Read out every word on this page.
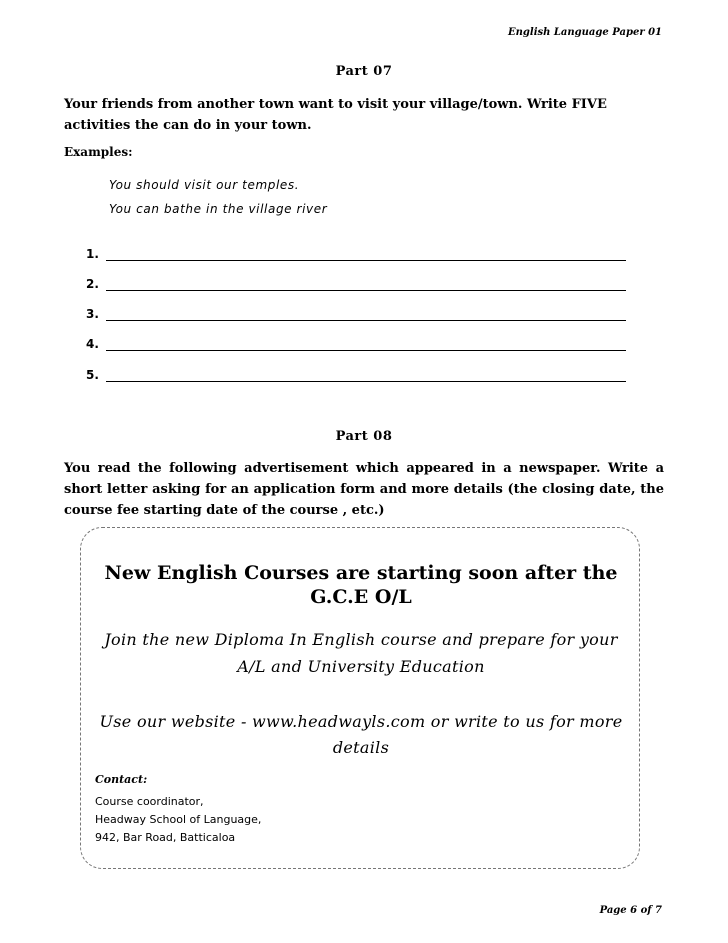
English Language Paper 01
Part 07
Your friends from another town want to visit your village/town. Write FIVE activities the can do in your town.
Examples:
You should visit our temples.
You can bathe in the village river
1.
2.
3.
4.
5.
Part 08
You read the following advertisement which appeared in a newspaper. Write a short letter asking for an application form and more details (the closing date, the course fee starting date of the course , etc.)
New English Courses are starting soon after the
G.C.E O/L
Join the new Diploma In English course and prepare for your
A/L and University Education
Use our website - www.headwayls.com or write to us for more
details
Contact:
Course coordinator,
Headway School of Language,
942, Bar Road, Batticaloa
Page 6 of 7
